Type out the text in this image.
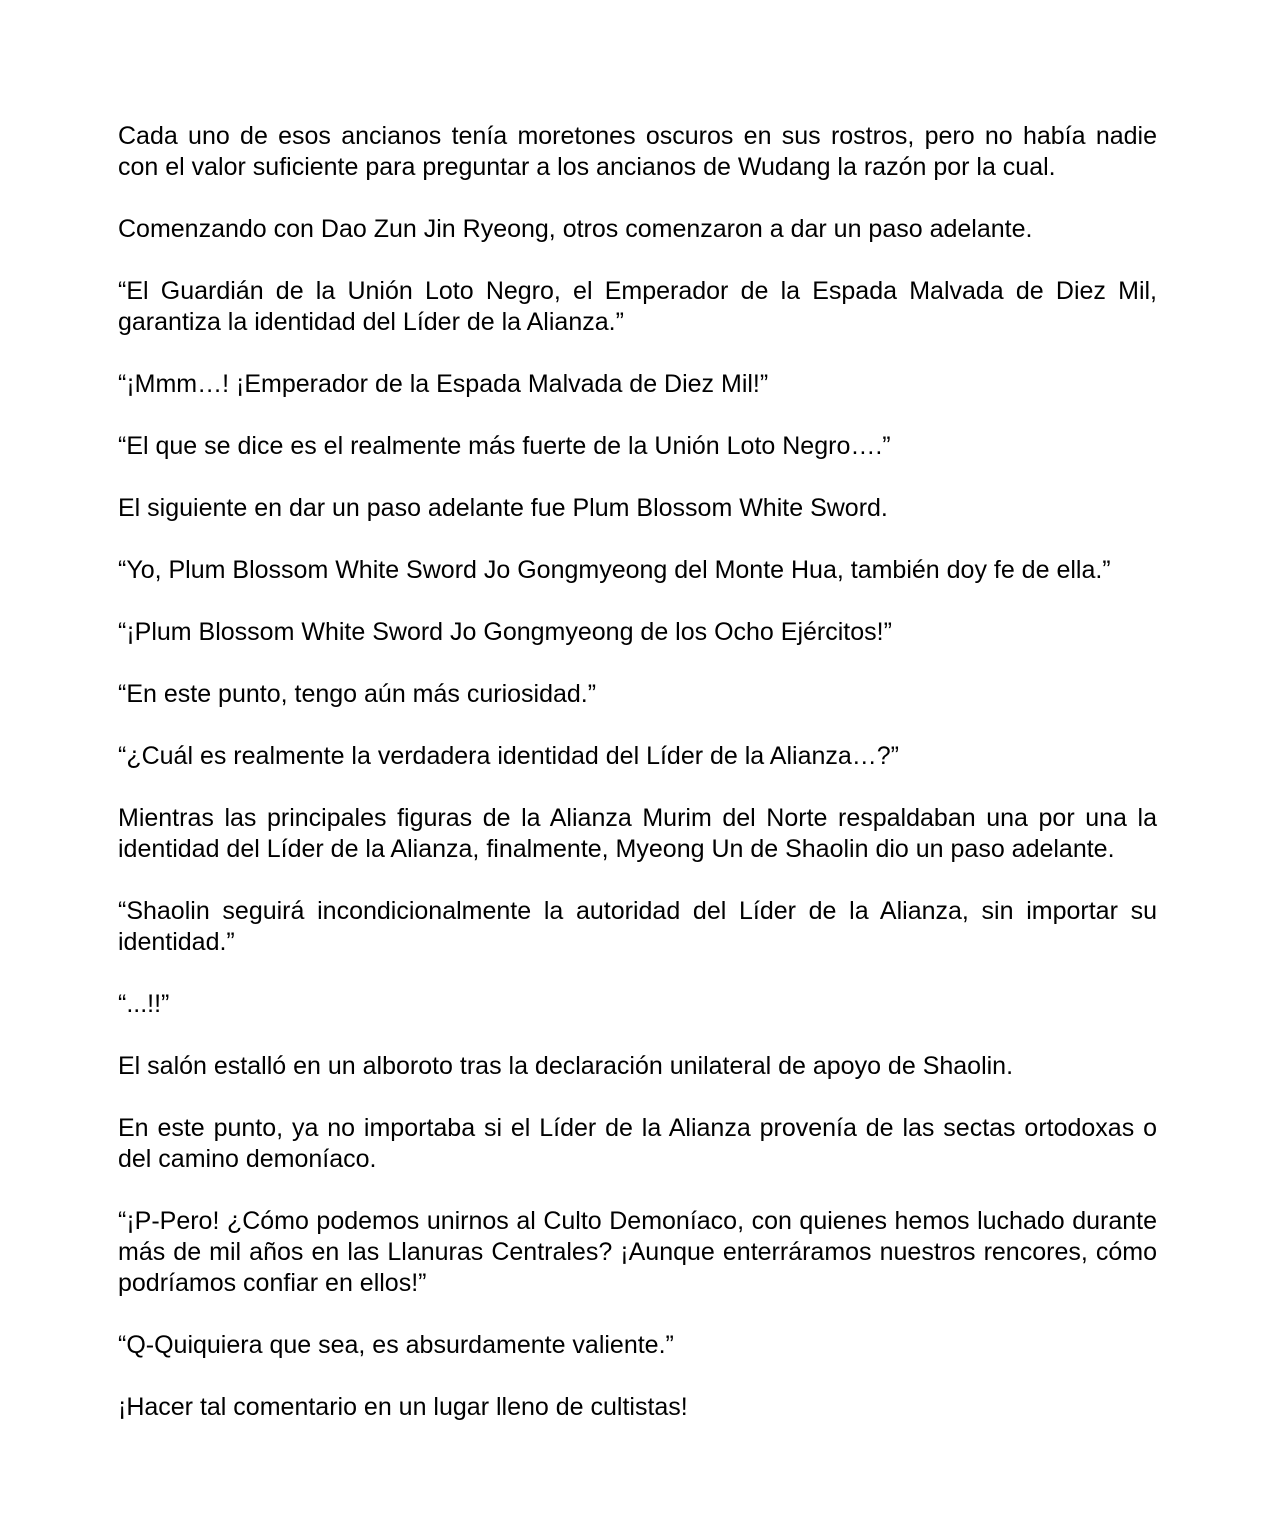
Cada uno de esos ancianos tenía moretones oscuros en sus rostros, pero no había nadie con el valor suficiente para preguntar a los ancianos de Wudang la razón por la cual.

Comenzando con Dao Zun Jin Ryeong, otros comenzaron a dar un paso adelante.

“El Guardián de la Unión Loto Negro, el Emperador de la Espada Malvada de Diez Mil, garantiza la identidad del Líder de la Alianza.”

“¡Mmm…! ¡Emperador de la Espada Malvada de Diez Mil!”

“El que se dice es el realmente más fuerte de la Unión Loto Negro….”

El siguiente en dar un paso adelante fue Plum Blossom White Sword.

“Yo, Plum Blossom White Sword Jo Gongmyeong del Monte Hua, también doy fe de ella.”

“¡Plum Blossom White Sword Jo Gongmyeong de los Ocho Ejércitos!”

“En este punto, tengo aún más curiosidad.”

“¿Cuál es realmente la verdadera identidad del Líder de la Alianza…?”

Mientras las principales figuras de la Alianza Murim del Norte respaldaban una por una la identidad del Líder de la Alianza, finalmente, Myeong Un de Shaolin dio un paso adelante.

“Shaolin seguirá incondicionalmente la autoridad del Líder de la Alianza, sin importar su identidad.”

“...!!”

El salón estalló en un alboroto tras la declaración unilateral de apoyo de Shaolin.

En este punto, ya no importaba si el Líder de la Alianza provenía de las sectas ortodoxas o del camino demoníaco.

“¡P-Pero! ¿Cómo podemos unirnos al Culto Demoníaco, con quienes hemos luchado durante más de mil años en las Llanuras Centrales? ¡Aunque enterráramos nuestros rencores, cómo podríamos confiar en ellos!”

“Q-Quiquiera que sea, es absurdamente valiente.”

¡Hacer tal comentario en un lugar lleno de cultistas!
